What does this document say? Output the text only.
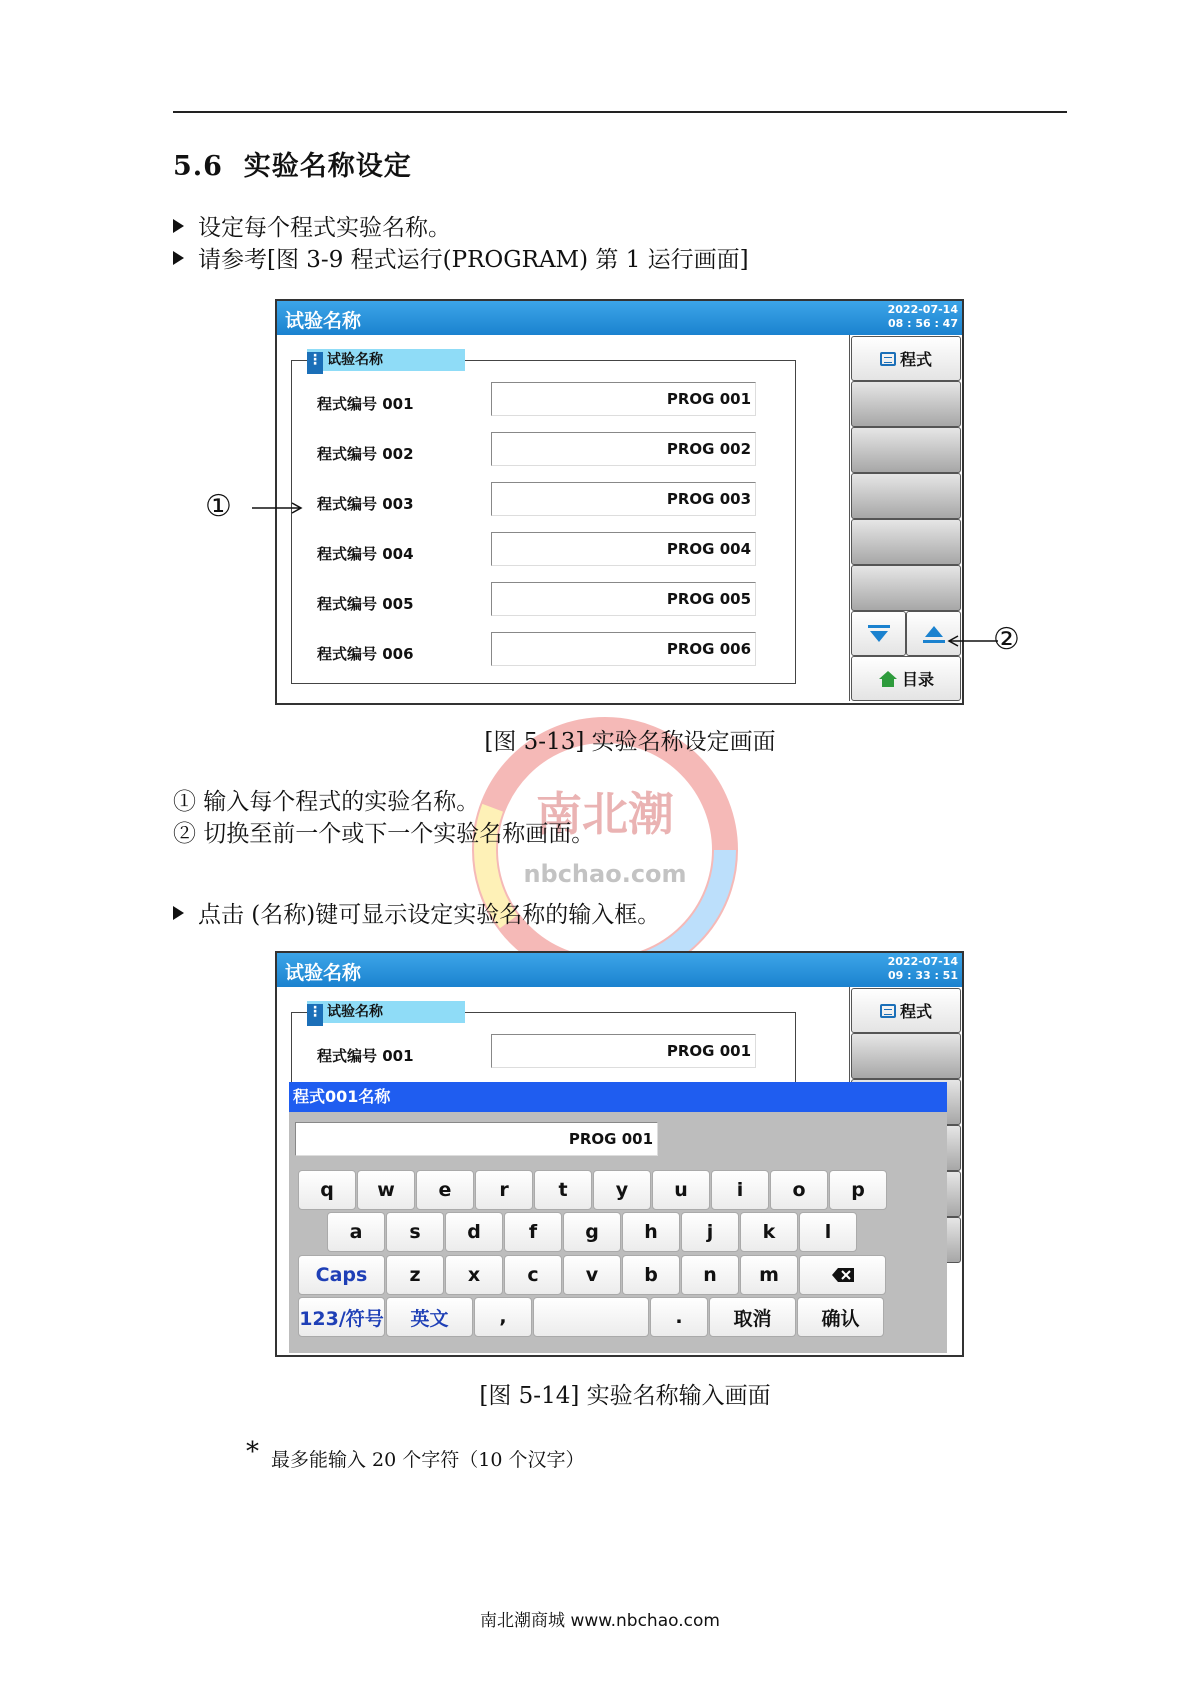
5.6 实验名称设定
设定每个程式实验名称。
请参考[图 3-9 程式运行(PROGRAM) 第 1 运行画面]
南北潮
nbchao.com
试验名称
2022-07-14
08 : 56 : 47
⋮ 试验名称
程式编号 001	PROG 001
程式编号 002	PROG 002
程式编号 003	PROG 003
程式编号 004	PROG 004
程式编号 005	PROG 005
程式编号 006	PROG 006
程式
目录
①
②
[图 5-13] 实验名称设定画面
① 输入每个程式的实验名称。
② 切换至前一个或下一个实验名称画面。
点击 (名称)键可显示设定实验名称的输入框。
试验名称
2022-07-14
09 : 33 : 51
⋮ 试验名称
程式编号 001	PROG 001
程式
程式001名称
PROG 001
q	w	e	r	t	y	u	i	o	p
a	s	d	f	g	h	j	k	l
Caps	z	x	c	v	b	n	m
123/符号	英文	,	.	取消	确认
[图 5-14] 实验名称输入画面
* 最多能输入 20 个字符（10 个汉字）
南北潮商城 www.nbchao.com
